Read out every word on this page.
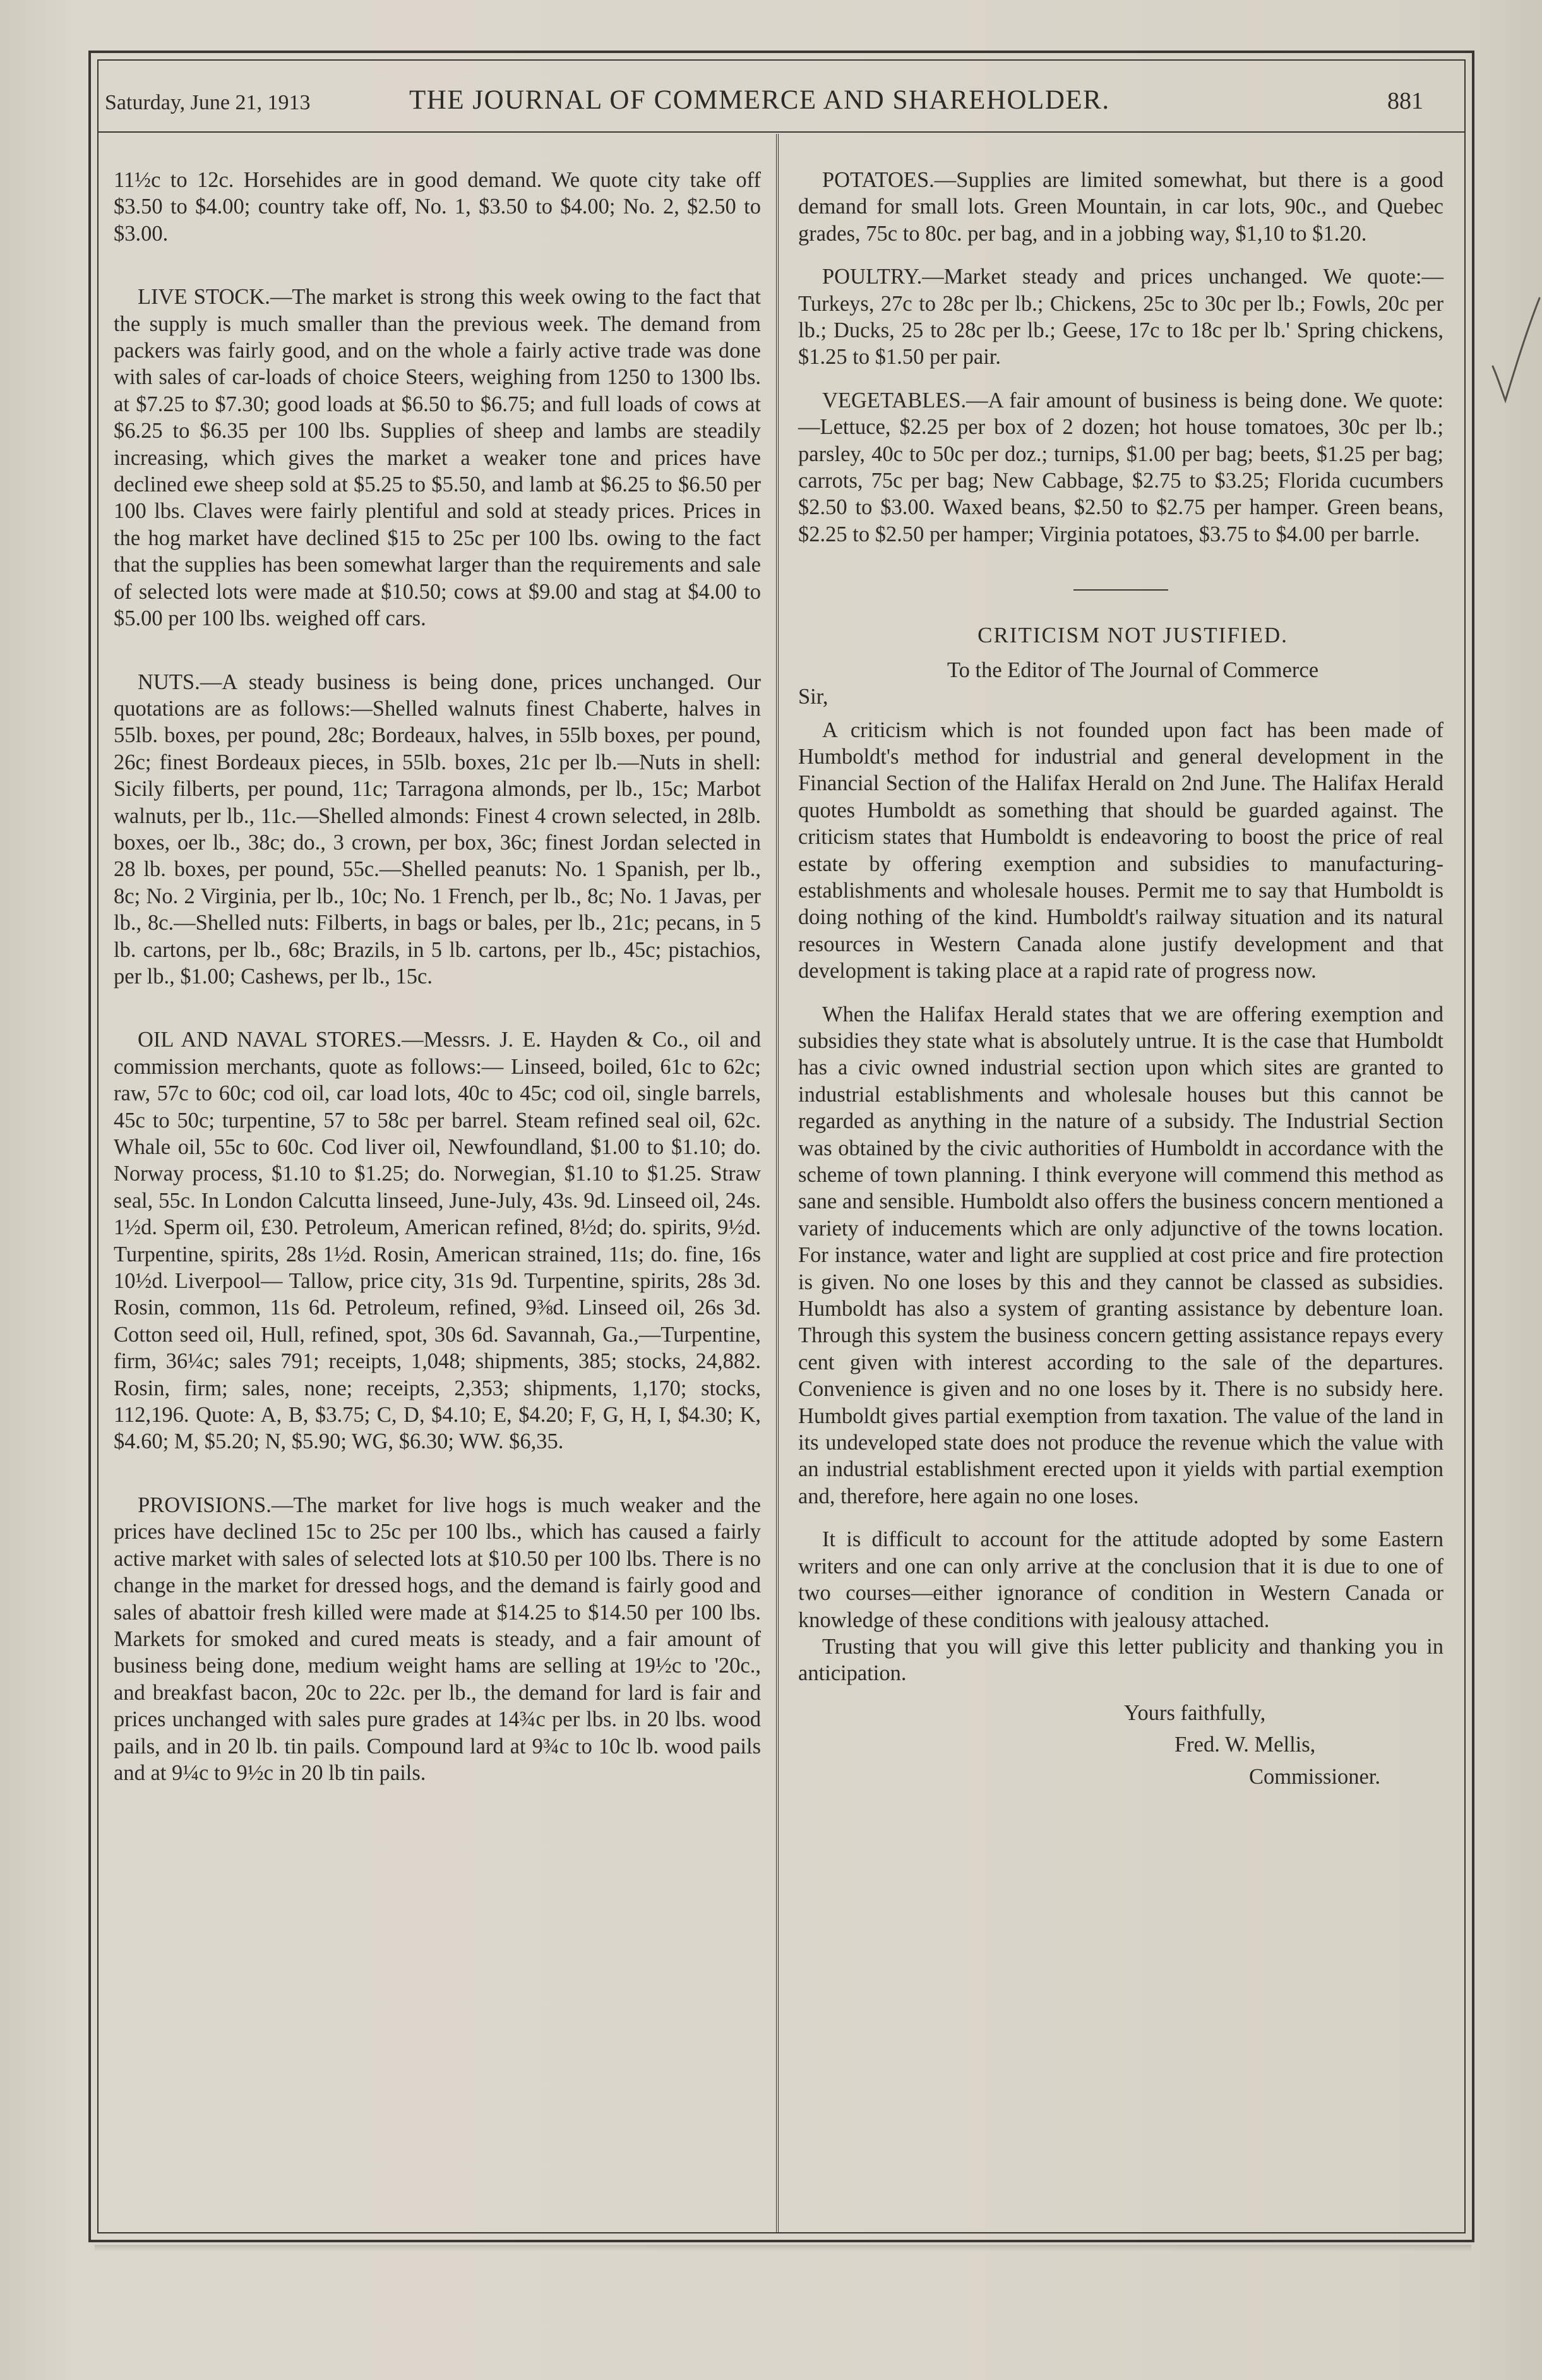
Saturday, June 21, 1913	THE JOURNAL OF COMMERCE AND SHAREHOLDER.	881

11½c to 12c. Horsehides are in good demand. We quote city take off $3.50 to $4.00; country take off, No. 1, $3.50 to $4.00; No. 2, $2.50 to $3.00.

LIVE STOCK.—The market is strong this week owing to the fact that the supply is much smaller than the previous week. The demand from packers was fairly good, and on the whole a fairly active trade was done with sales of car-loads of choice Steers, weighing from 1250 to 1300 lbs. at $7.25 to $7.30; good loads at $6.50 to $6.75; and full loads of cows at $6.25 to $6.35 per 100 lbs. Supplies of sheep and lambs are steadily increasing, which gives the market a weaker tone and prices have declined ewe sheep sold at $5.25 to $5.50, and lamb at $6.25 to $6.50 per 100 lbs. Claves were fairly plentiful and sold at steady prices. Prices in the hog market have declined $15 to 25c per 100 lbs. owing to the fact that the supplies has been somewhat larger than the requirements and sale of selected lots were made at $10.50; cows at $9.00 and stag at $4.00 to $5.00 per 100 lbs. weighed off cars.

NUTS.—A steady business is being done, prices unchanged. Our quotations are as follows:—Shelled walnuts finest Chaberte, halves in 55lb. boxes, per pound, 28c; Bordeaux, halves, in 55lb boxes, per pound, 26c; finest Bordeaux pieces, in 55lb. boxes, 21c per lb.—Nuts in shell: Sicily filberts, per pound, 11c; Tarragona almonds, per lb., 15c; Marbot walnuts, per lb., 11c.—Shelled almonds: Finest 4 crown selected, in 28lb. boxes, oer lb., 38c; do., 3 crown, per box, 36c; finest Jordan selected in 28 lb. boxes, per pound, 55c.—Shelled peanuts: No. 1 Spanish, per lb., 8c; No. 2 Virginia, per lb., 10c; No. 1 French, per lb., 8c; No. 1 Javas, per lb., 8c.—Shelled nuts: Filberts, in bags or bales, per lb., 21c; pecans, in 5 lb. cartons, per lb., 68c; Brazils, in 5 lb. cartons, per lb., 45c; pistachios, per lb., $1.00; Cashews, per lb., 15c.

OIL AND NAVAL STORES.—Messrs. J. E. Hayden & Co., oil and commission merchants, quote as follows:— Linseed, boiled, 61c to 62c; raw, 57c to 60c; cod oil, car load lots, 40c to 45c; cod oil, single barrels, 45c to 50c; turpentine, 57 to 58c per barrel. Steam refined seal oil, 62c. Whale oil, 55c to 60c. Cod liver oil, Newfoundland, $1.00 to $1.10; do. Norway process, $1.10 to $1.25; do. Norwegian, $1.10 to $1.25. Straw seal, 55c. In London Calcutta linseed, June-July, 43s. 9d. Linseed oil, 24s. 1½d. Sperm oil, £30. Petroleum, American refined, 8½d; do. spirits, 9½d. Turpentine, spirits, 28s 1½d. Rosin, American strained, 11s; do. fine, 16s 10½d. Liverpool— Tallow, price city, 31s 9d. Turpentine, spirits, 28s 3d. Rosin, common, 11s 6d. Petroleum, refined, 9⅜d. Linseed oil, 26s 3d. Cotton seed oil, Hull, refined, spot, 30s 6d. Savannah, Ga.,—Turpentine, firm, 36¼c; sales 791; receipts, 1,048; shipments, 385; stocks, 24,882. Rosin, firm; sales, none; receipts, 2,353; shipments, 1,170; stocks, 112,196. Quote: A, B, $3.75; C, D, $4.10; E, $4.20; F, G, H, I, $4.30; K, $4.60; M, $5.20; N, $5.90; WG, $6.30; WW. $6,35.

PROVISIONS.—The market for live hogs is much weaker and the prices have declined 15c to 25c per 100 lbs., which has caused a fairly active market with sales of selected lots at $10.50 per 100 lbs. There is no change in the market for dressed hogs, and the demand is fairly good and sales of abattoir fresh killed were made at $14.25 to $14.50 per 100 lbs. Markets for smoked and cured meats is steady, and a fair amount of business being done, medium weight hams are selling at 19½c to '20c., and breakfast bacon, 20c to 22c. per lb., the demand for lard is fair and prices unchanged with sales pure grades at 14¾c per lbs. in 20 lbs. wood pails, and in 20 lb. tin pails. Compound lard at 9¾c to 10c lb. wood pails and at 9¼c to 9½c in 20 lb tin pails.

POTATOES.—Supplies are limited somewhat, but there is a good demand for small lots. Green Mountain, in car lots, 90c., and Quebec grades, 75c to 80c. per bag, and in a jobbing way, $1,10 to $1.20.

POULTRY.—Market steady and prices unchanged. We quote:—Turkeys, 27c to 28c per lb.; Chickens, 25c to 30c per lb.; Fowls, 20c per lb.; Ducks, 25 to 28c per lb.; Geese, 17c to 18c per lb.' Spring chickens, $1.25 to $1.50 per pair.

VEGETABLES.—A fair amount of business is being done. We quote:—Lettuce, $2.25 per box of 2 dozen; hot house tomatoes, 30c per lb.; parsley, 40c to 50c per doz.; turnips, $1.00 per bag; beets, $1.25 per bag; carrots, 75c per bag; New Cabbage, $2.75 to $3.25; Florida cucumbers $2.50 to $3.00. Waxed beans, $2.50 to $2.75 per hamper. Green beans, $2.25 to $2.50 per hamper; Virginia potatoes, $3.75 to $4.00 per barrle.

CRITICISM NOT JUSTIFIED.

To the Editor of The Journal of Commerce

Sir,

A criticism which is not founded upon fact has been made of Humboldt's method for industrial and general development in the Financial Section of the Halifax Herald on 2nd June. The Halifax Herald quotes Humboldt as something that should be guarded against. The criticism states that Humboldt is endeavoring to boost the price of real estate by offering exemption and subsidies to manufacturing-establishments and wholesale houses. Permit me to say that Humboldt is doing nothing of the kind. Humboldt's railway situation and its natural resources in Western Canada alone justify development and that development is taking place at a rapid rate of progress now.

When the Halifax Herald states that we are offering exemption and subsidies they state what is absolutely untrue. It is the case that Humboldt has a civic owned industrial section upon which sites are granted to industrial establishments and wholesale houses but this cannot be regarded as anything in the nature of a subsidy. The Industrial Section was obtained by the civic authorities of Humboldt in accordance with the scheme of town planning. I think everyone will commend this method as sane and sensible. Humboldt also offers the business concern mentioned a variety of inducements which are only adjunctive of the towns location. For instance, water and light are supplied at cost price and fire protection is given. No one loses by this and they cannot be classed as subsidies. Humboldt has also a system of granting assistance by debenture loan. Through this system the business concern getting assistance repays every cent given with interest according to the sale of the departures. Convenience is given and no one loses by it. There is no subsidy here. Humboldt gives partial exemption from taxation. The value of the land in its undeveloped state does not produce the revenue which the value with an industrial establishment erected upon it yields with partial exemption and, therefore, here again no one loses.

It is difficult to account for the attitude adopted by some Eastern writers and one can only arrive at the conclusion that it is due to one of two courses—either ignorance of condition in Western Canada or knowledge of these conditions with jealousy attached.

Trusting that you will give this letter publicity and thanking you in anticipation.

Yours faithfully,

Fred. W. Mellis,

Commissioner.
